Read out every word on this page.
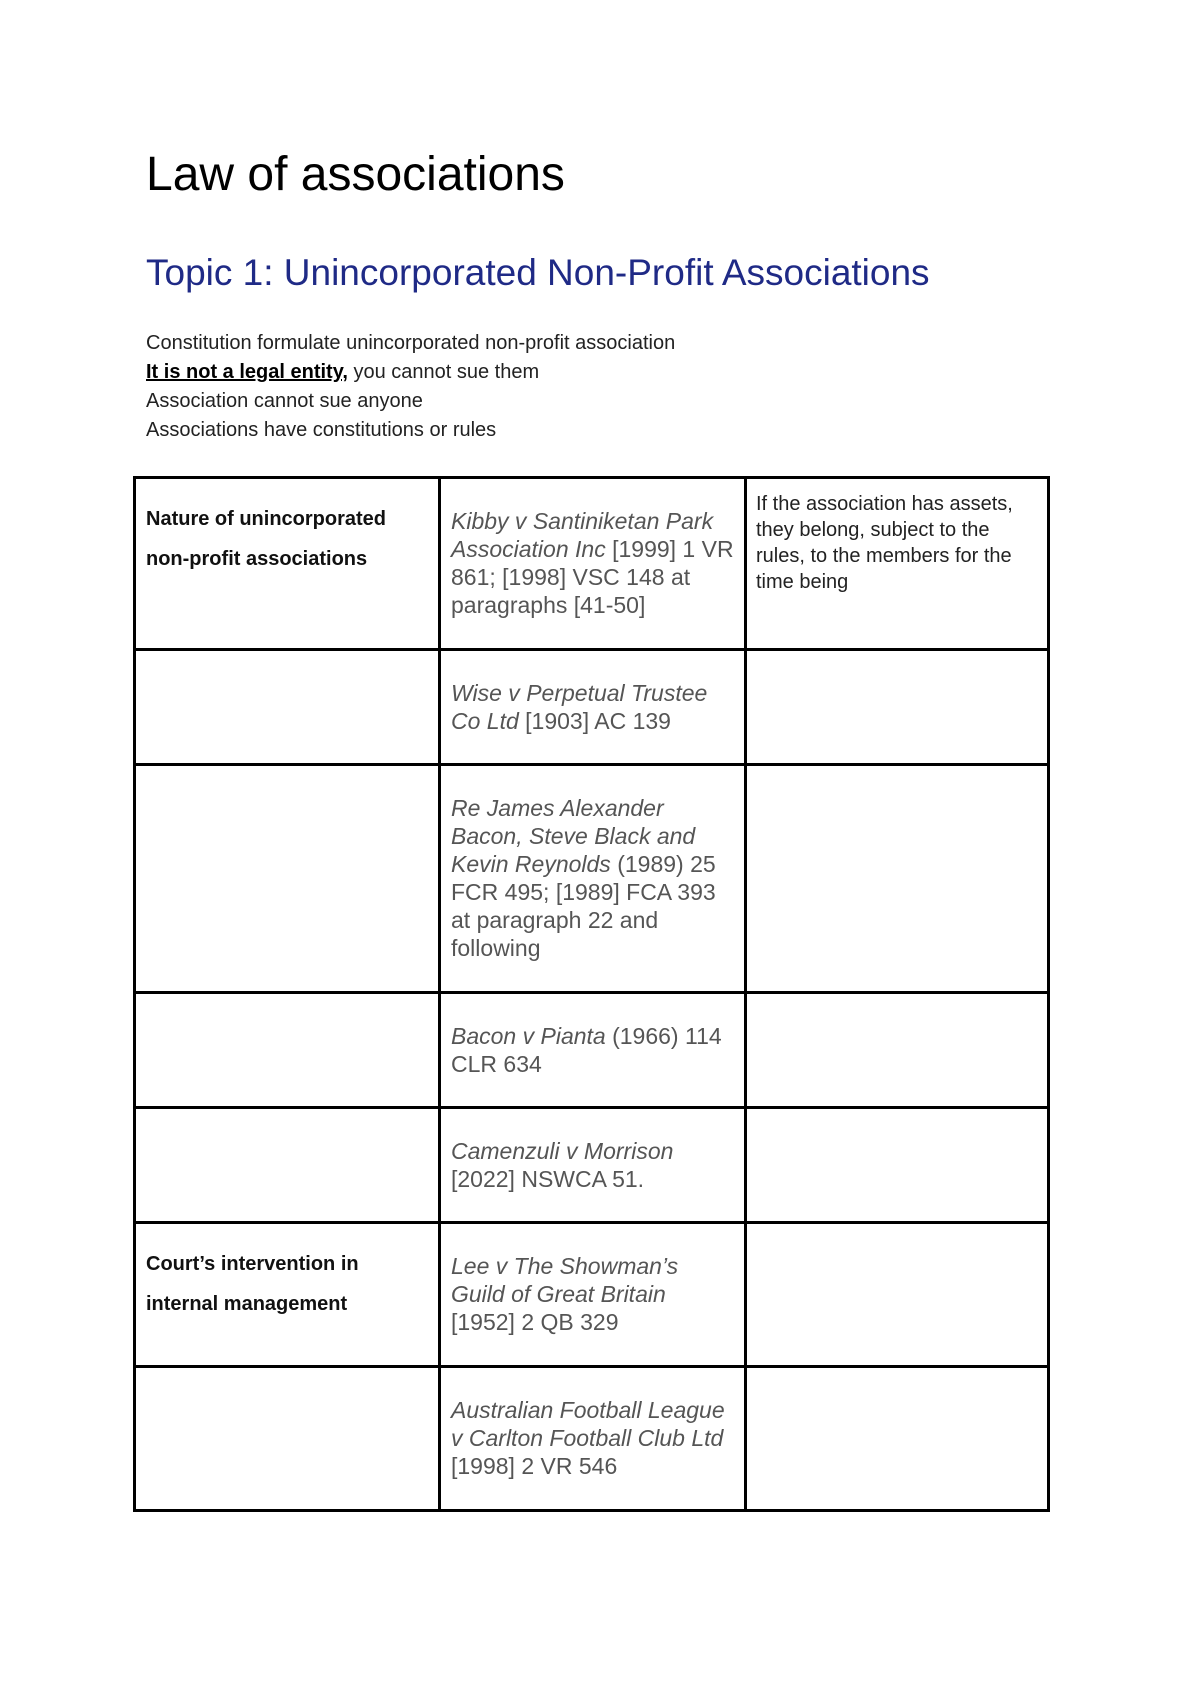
Law of associations
Topic 1: Unincorporated Non-Profit Associations

Constitution formulate unincorporated non-profit association

It is not a legal entity, you cannot sue them

Association cannot sue anyone

Associations have constitutions or rules

Nature of unincorporated non-profit associations	Kibby v Santiniketan Park Association Inc [1999] 1 VR 861; [1998] VSC 148 at paragraphs [41-50]	If the association has assets, they belong, subject to the rules, to the members for the time being

	Wise v Perpetual Trustee Co Ltd [1903] AC 139	

	Re James Alexander Bacon, Steve Black and Kevin Reynolds (1989) 25 FCR 495; [1989] FCA 393 at paragraph 22 and following	

	Bacon v Pianta (1966) 114 CLR 634	

	Camenzuli v Morrison [2022] NSWCA 51.	

Court’s intervention in internal management	Lee v The Showman’s Guild of Great Britain [1952] 2 QB 329	

	Australian Football League v Carlton Football Club Ltd [1998] 2 VR 546	
